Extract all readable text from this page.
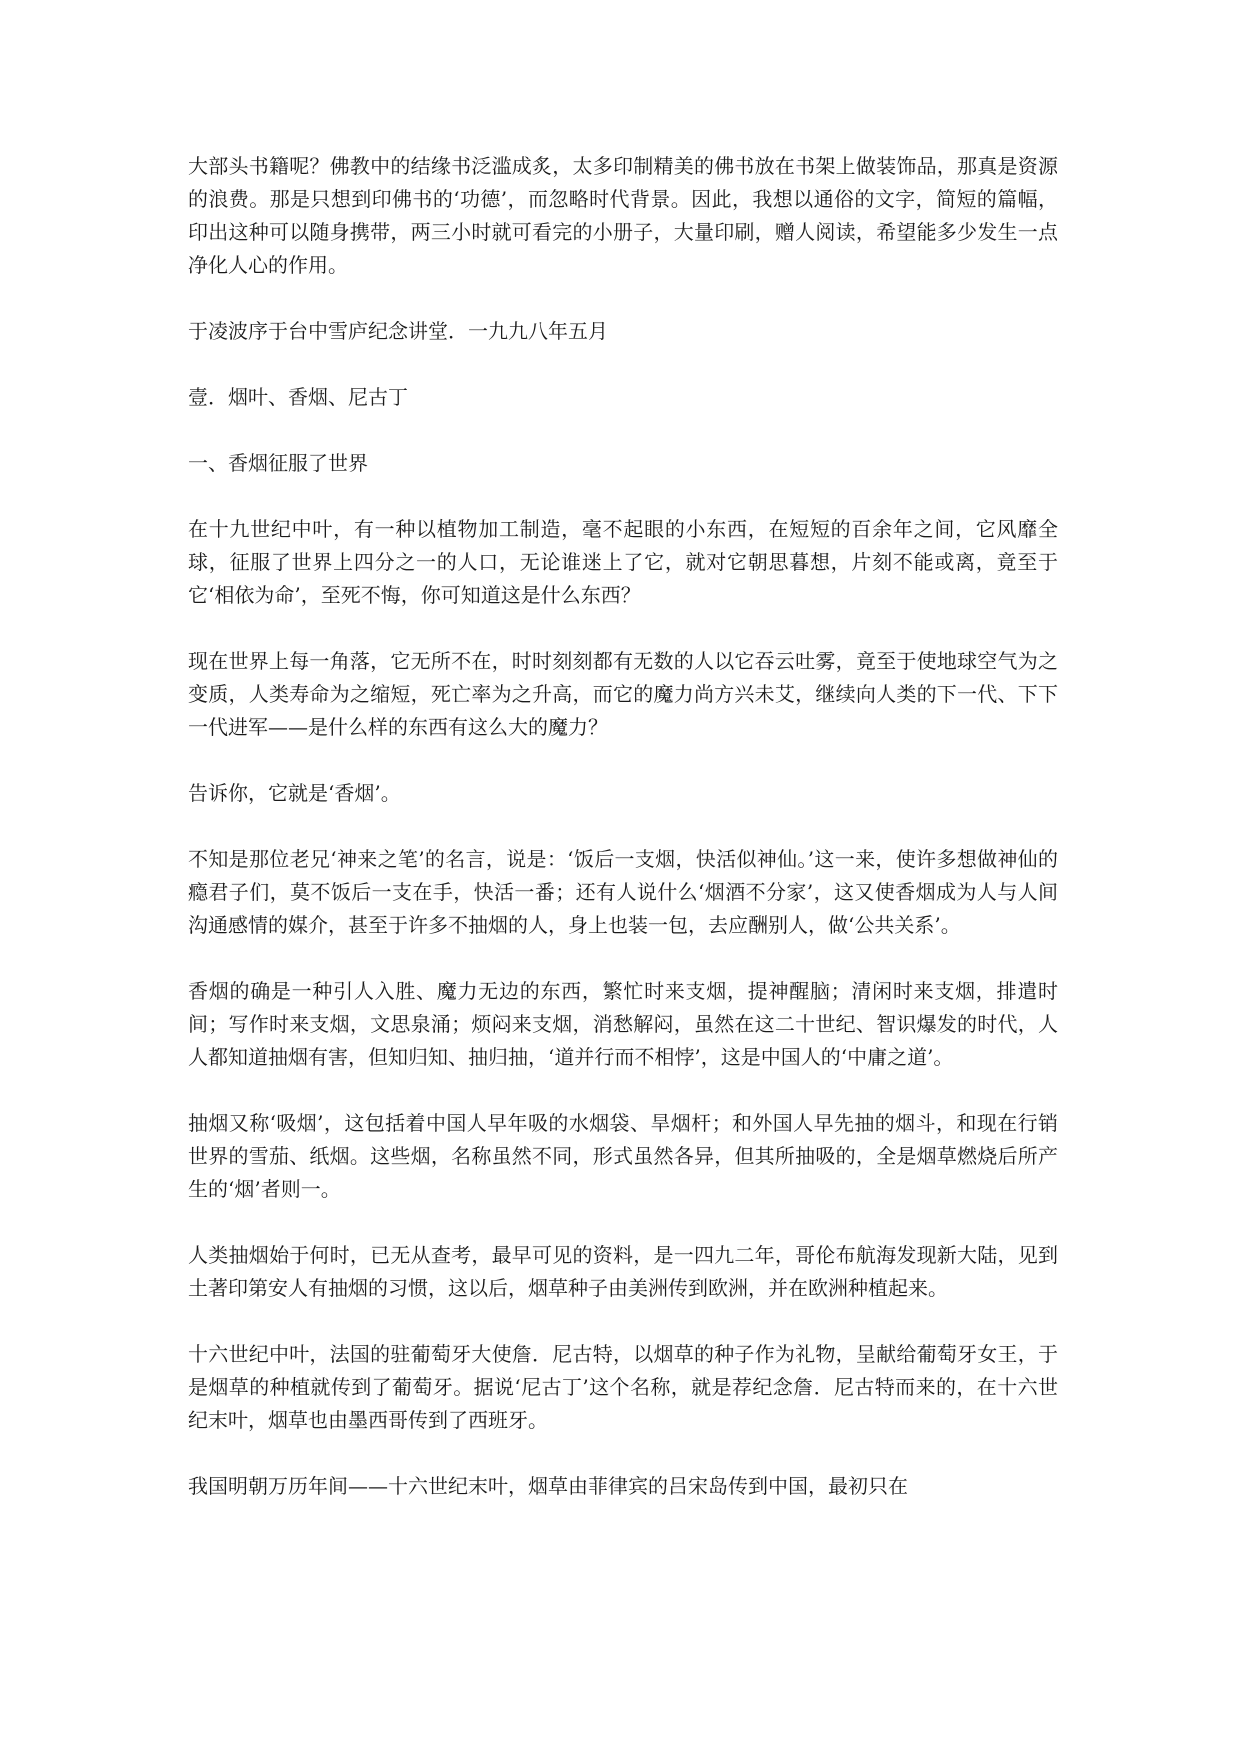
大部头书籍呢？佛教中的结缘书泛滥成炙，太多印制精美的佛书放在书架上做装饰品，那真是资源的浪费。那是只想到印佛书的‘功德’，而忽略时代背景。因此，我想以通俗的文字，简短的篇幅，印出这种可以随身携带，两三小时就可看完的小册子，大量印刷，赠人阅读，希望能多少发生一点净化人心的作用。

于凌波序于台中雪庐纪念讲堂．一九九八年五月

壹．烟叶、香烟、尼古丁

一、香烟征服了世界

在十九世纪中叶，有一种以植物加工制造，毫不起眼的小东西，在短短的百余年之间，它风靡全球，征服了世界上四分之一的人口，无论谁迷上了它，就对它朝思暮想，片刻不能或离，竟至于它‘相依为命’，至死不悔，你可知道这是什么东西？

现在世界上每一角落，它无所不在，时时刻刻都有无数的人以它吞云吐雾，竟至于使地球空气为之变质，人类寿命为之缩短，死亡率为之升高，而它的魔力尚方兴未艾，继续向人类的下一代、下下一代进军——是什么样的东西有这么大的魔力？

告诉你，它就是‘香烟’。

不知是那位老兄‘神来之笔’的名言，说是：‘饭后一支烟，快活似神仙。’这一来，使许多想做神仙的瘾君子们，莫不饭后一支在手，快活一番；还有人说什么‘烟酒不分家’，这又使香烟成为人与人间沟通感情的媒介，甚至于许多不抽烟的人，身上也装一包，去应酬别人，做‘公共关系’。

香烟的确是一种引人入胜、魔力无边的东西，繁忙时来支烟，提神醒脑；清闲时来支烟，排遣时间；写作时来支烟，文思泉涌；烦闷来支烟，消愁解闷，虽然在这二十世纪、智识爆发的时代，人人都知道抽烟有害，但知归知、抽归抽，‘道并行而不相悖’，这是中国人的‘中庸之道’。

抽烟又称‘吸烟’，这包括着中国人早年吸的水烟袋、旱烟杆；和外国人早先抽的烟斗，和现在行销世界的雪茄、纸烟。这些烟，名称虽然不同，形式虽然各异，但其所抽吸的，全是烟草燃烧后所产生的‘烟’者则一。

人类抽烟始于何时，已无从查考，最早可见的资料，是一四九二年，哥伦布航海发现新大陆，见到土著印第安人有抽烟的习惯，这以后，烟草种子由美洲传到欧洲，并在欧洲种植起来。

十六世纪中叶，法国的驻葡萄牙大使詹．尼古特，以烟草的种子作为礼物，呈献给葡萄牙女王，于是烟草的种植就传到了葡萄牙。据说‘尼古丁’这个名称，就是荐纪念詹．尼古特而来的，在十六世纪末叶，烟草也由墨西哥传到了西班牙。

我国明朝万历年间——十六世纪末叶，烟草由菲律宾的吕宋岛传到中国，最初只在
